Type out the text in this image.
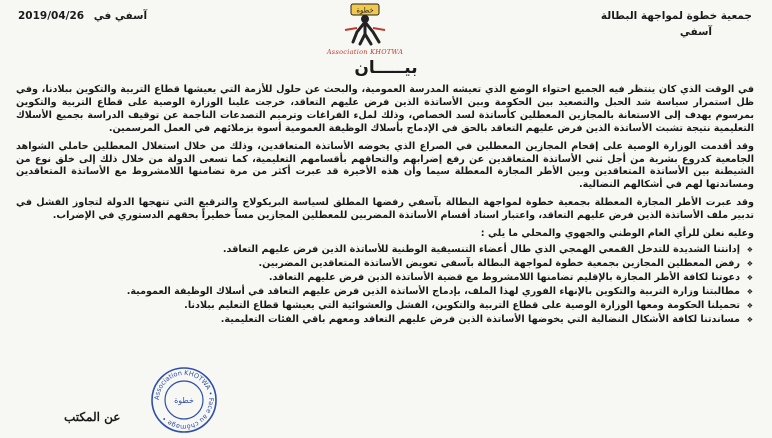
جمعية خطوة لمواجهة البطالة
آسفي
آسفي في 2019/04/26	خطوة
Association KHOTWA
بيـــــان

في الوقت الذي كان ينتظر فيه الجميع احتواء الوضع الذي تعيشه المدرسة العمومية، والبحث عن حلول للأزمة التي يعيشها قطاع التربية والتكوين ببلادنا، وفي ظل استمرار سياسة شد الحبل والتصعيد بين الحكومة وبين الأساتذة الذين فرض عليهم التعاقد، خرجت علينا الوزارة الوصية على قطاع التربية والتكوين بمرسوم يهدف إلى الاستعانة بالمجازين المعطلين كأساتذة لسد الخصاص، وذلك لملء الفراغات وترميم التصدعات الناجمة عن توقيف الدراسة بجميع الأسلاك التعليمية نتيجة تشبث الأساتذة الذين فرض عليهم التعاقد بالحق في الإدماج بأسلاك الوظيفة العمومية أسوة بزملائهم في العمل المرسمين.

وقد أقدمت الوزارة الوصية على إقحام المجازين المعطلين في الصراع الذي يخوضه الأساتذة المتعاقدين، وذلك من خلال استغلال المعطلين حاملي الشواهد الجامعية كدروع بشرية من أجل ثني الأساتذة المتعاقدين عن رفع إضرابهم والتحاقهم بأقسامهم التعليمية، كما تسعى الدولة من خلال ذلك إلى خلق نوع من الشيطنة بين الأساتذة المتعاقدين وبين الأطر المجازة المعطلة سيما وأن هذه الأخيرة قد عبرت أكثر من مرة تضامنها اللامشروط مع الأساتذة المتعاقدين ومساندتها لهم في أشكالهم النضالية.

وقد عبرت الأطر المجازة المعطلة بجمعية خطوة لمواجهة البطالة بآسفي رفضها المطلق لسياسة البريكولاج والترقيع التي تنهجها الدولة لتجاوز الفشل في تدبير ملف الأساتذة الذين فرض عليهم التعاقد، واعتبار اسناد أقسام الأساتذة المضربين للمعطلين المجازين مساً خطيراً بحقهم الدستوري في الإضراب.

وعليه نعلن للرأي العام الوطني والجهوي والمحلي ما يلي :

❖ إدانتنا الشديدة للتدخل القمعي الهمجي الذي طال أعضاء التنسيقية الوطنية للأساتذة الذين فرض عليهم التعاقد.
❖ رفض المعطلين المجازين بجمعية خطوة لمواجهة البطالة بآسفي تعويض الأساتذة المتعاقدين المضربين.
❖ دعوتنا لكافة الأطر المجازة بالإقليم تضامنها اللامشروط مع قضية الأساتذة الذين فرض عليهم التعاقد.
❖ مطالبتنا وزارة التربية والتكوين بالإنهاء الفوري لهذا الملف، بإدماج الأساتذة الذين فرض عليهم التعاقد في أسلاك الوظيفة العمومية.
❖ تحميلنا الحكومة ومعها الوزارة الوصية على قطاع التربية والتكوين، الفشل والعشوائية التي يعيشها قطاع التعليم ببلادنا.
❖ مساندتنا لكافة الأشكال النضالية التي يخوضها الأساتذة الذين فرض عليهم التعاقد ومعهم باقي الفئات التعليمية.
Association KHOTWA • Face au chômage •
خطوة
عن المكتب
